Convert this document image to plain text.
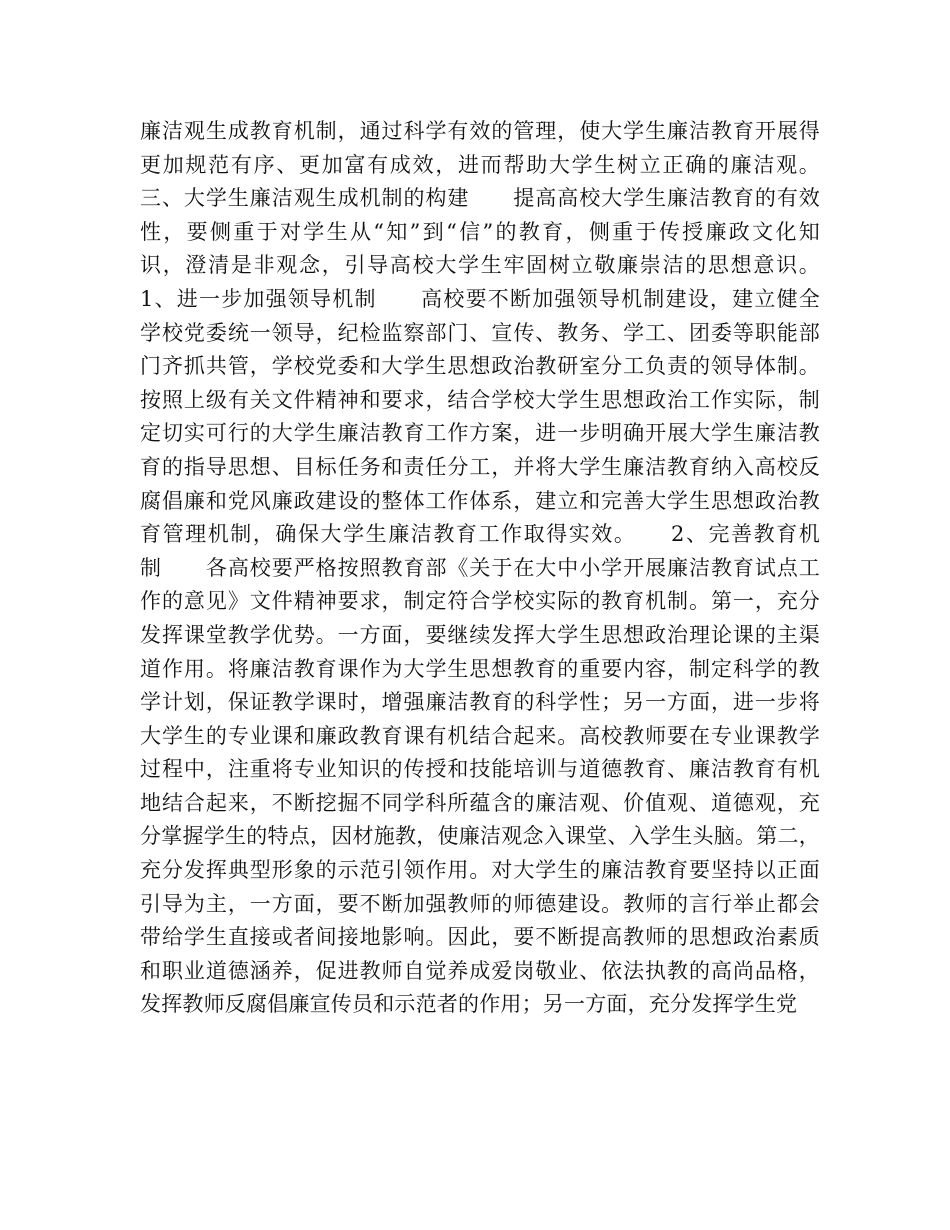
廉洁观生成教育机制，通过科学有效的管理，使大学生廉洁教育开展得
更加规范有序、更加富有成效，进而帮助大学生树立正确的廉洁观。
三、大学生廉洁观生成机制的构建　　提高高校大学生廉洁教育的有效
性，要侧重于对学生从“知”到“信”的教育，侧重于传授廉政文化知
识，澄清是非观念，引导高校大学生牢固树立敬廉崇洁的思想意识。
1、进一步加强领导机制　　高校要不断加强领导机制建设，建立健全
学校党委统一领导，纪检监察部门、宣传、教务、学工、团委等职能部
门齐抓共管，学校党委和大学生思想政治教研室分工负责的领导体制。
按照上级有关文件精神和要求，结合学校大学生思想政治工作实际，制
定切实可行的大学生廉洁教育工作方案，进一步明确开展大学生廉洁教
育的指导思想、目标任务和责任分工，并将大学生廉洁教育纳入高校反
腐倡廉和党风廉政建设的整体工作体系，建立和完善大学生思想政治教
育管理机制，确保大学生廉洁教育工作取得实效。　　2、完善教育机
制　　各高校要严格按照教育部《关于在大中小学开展廉洁教育试点工
作的意见》文件精神要求，制定符合学校实际的教育机制。第一，充分
发挥课堂教学优势。一方面，要继续发挥大学生思想政治理论课的主渠
道作用。将廉洁教育课作为大学生思想教育的重要内容，制定科学的教
学计划，保证教学课时，增强廉洁教育的科学性；另一方面，进一步将
大学生的专业课和廉政教育课有机结合起来。高校教师要在专业课教学
过程中，注重将专业知识的传授和技能培训与道德教育、廉洁教育有机
地结合起来，不断挖掘不同学科所蕴含的廉洁观、价值观、道德观，充
分掌握学生的特点，因材施教，使廉洁观念入课堂、入学生头脑。第二，
充分发挥典型形象的示范引领作用。对大学生的廉洁教育要坚持以正面
引导为主，一方面，要不断加强教师的师德建设。教师的言行举止都会
带给学生直接或者间接地影响。因此，要不断提高教师的思想政治素质
和职业道德涵养，促进教师自觉养成爱岗敬业、依法执教的高尚品格，
发挥教师反腐倡廉宣传员和示范者的作用；另一方面，充分发挥学生党
